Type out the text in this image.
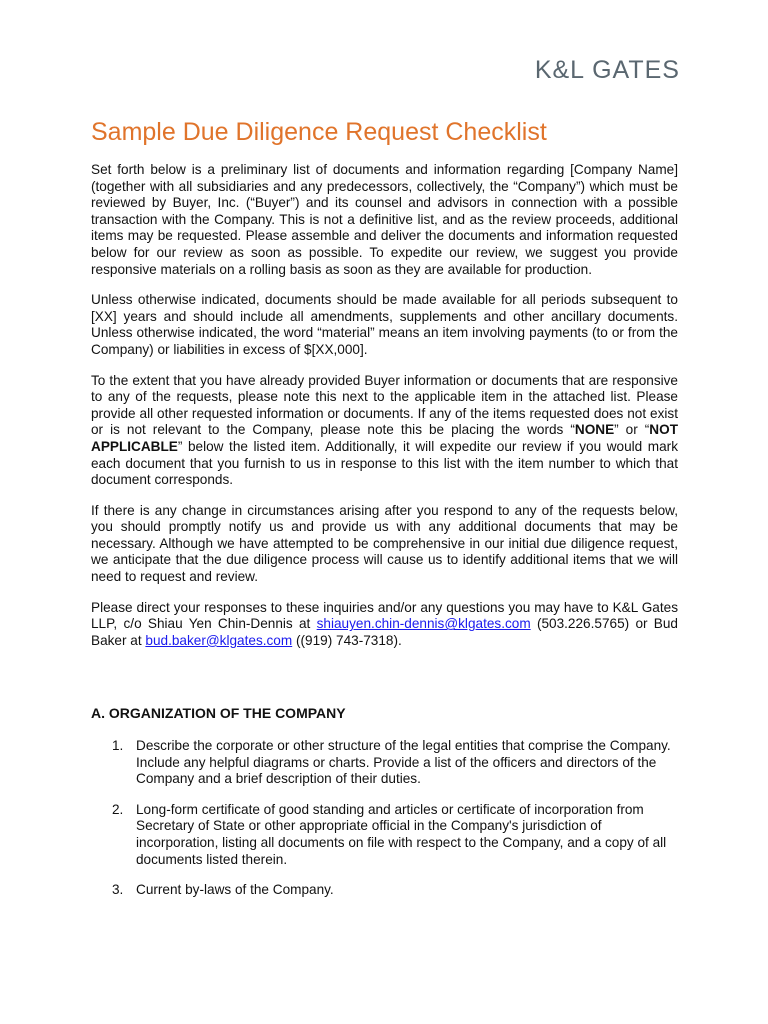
K&L GATES
Sample Due Diligence Request Checklist

Set forth below is a preliminary list of documents and information regarding [Company Name] (together with all subsidiaries and any predecessors, collectively, the “Company”) which must be reviewed by Buyer, Inc. (“Buyer”) and its counsel and advisors in connection with a possible transaction with the Company. This is not a definitive list, and as the review proceeds, additional items may be requested. Please assemble and deliver the documents and information requested below for our review as soon as possible. To expedite our review, we suggest you provide responsive materials on a rolling basis as soon as they are available for production.

Unless otherwise indicated, documents should be made available for all periods subsequent to [XX] years and should include all amendments, supplements and other ancillary documents. Unless otherwise indicated, the word “material” means an item involving payments (to or from the Company) or liabilities in excess of $[XX,000].

To the extent that you have already provided Buyer information or documents that are responsive to any of the requests, please note this next to the applicable item in the attached list. Please provide all other requested information or documents. If any of the items requested does not exist or is not relevant to the Company, please note this be placing the words “NONE” or “NOT APPLICABLE” below the listed item. Additionally, it will expedite our review if you would mark each document that you furnish to us in response to this list with the item number to which that document corresponds.

If there is any change in circumstances arising after you respond to any of the requests below, you should promptly notify us and provide us with any additional documents that may be necessary. Although we have attempted to be comprehensive in our initial due diligence request, we anticipate that the due diligence process will cause us to identify additional items that we will need to request and review.

Please direct your responses to these inquiries and/or any questions you may have to K&L Gates LLP, c/o Shiau Yen Chin-Dennis at shiauyen.chin-dennis@klgates.com (503.226.5765) or Bud Baker at bud.baker@klgates.com ((919) 743-7318).

A. ORGANIZATION OF THE COMPANY
1. Describe the corporate or other structure of the legal entities that comprise the Company. Include any helpful diagrams or charts. Provide a list of the officers and directors of the Company and a brief description of their duties.
2. Long-form certificate of good standing and articles or certificate of incorporation from Secretary of State or other appropriate official in the Company's jurisdiction of incorporation, listing all documents on file with respect to the Company, and a copy of all documents listed therein.
3. Current by-laws of the Company.
